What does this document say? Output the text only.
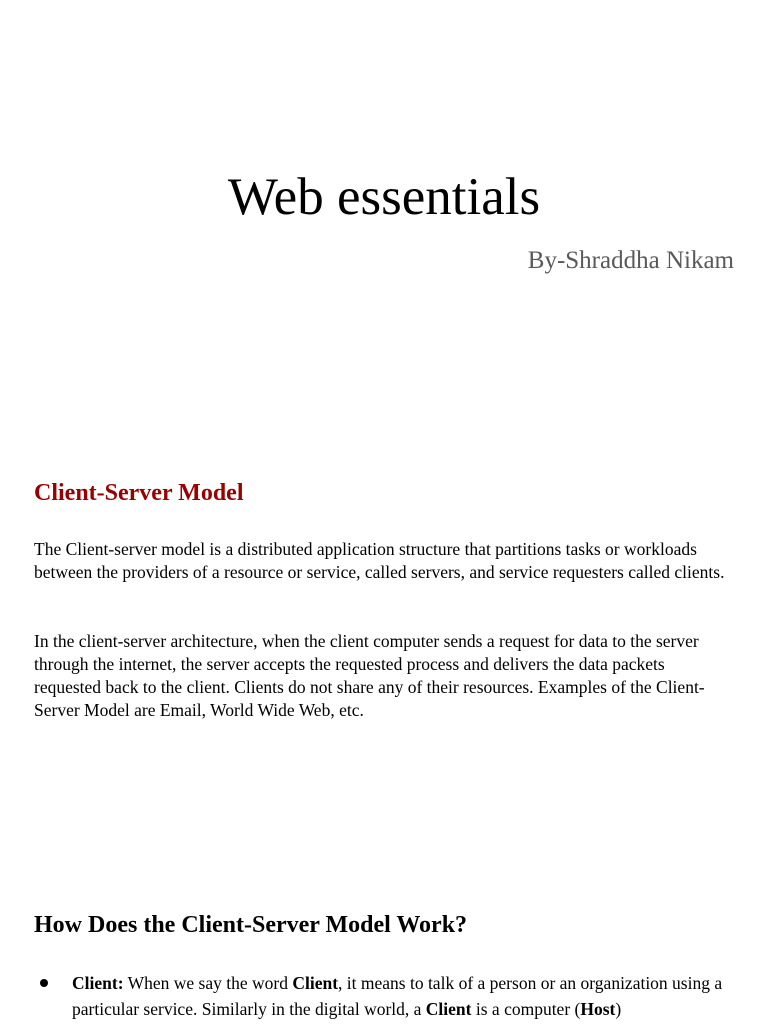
Web essentials

By-Shraddha Nikam

Client-Server Model

The Client-server model is a distributed application structure that partitions tasks or workloads between the providers of a resource or service, called servers, and service requesters called clients.

In the client-server architecture, when the client computer sends a request for data to the server through the internet, the server accepts the requested process and delivers the data packets requested back to the client. Clients do not share any of their resources. Examples of the Client-Server Model are Email, World Wide Web, etc.

How Does the Client-Server Model Work?
Client: When we say the word Client, it means to talk of a person or an organization using a particular service. Similarly in the digital world, a Client is a computer (Host)
